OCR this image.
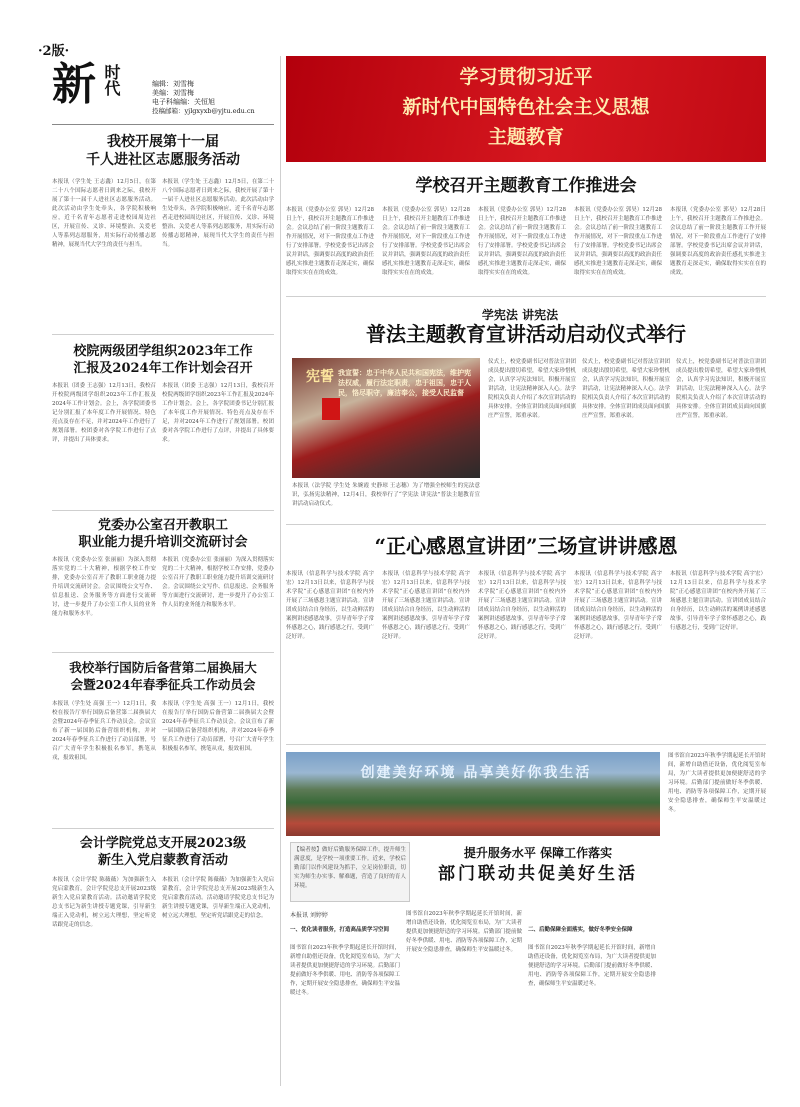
·2版·
新 时代	编辑：刘雪梅
美编：刘雪梅
电子科编编：关恒旭
投稿邮箱：yjlgxyxb@yjtu.edu.cn
我校开展第十一届
千人进社区志愿服务活动
本报讯（学生处 王志鑫）12月5日，在第二十八个国际志愿者日到来之际，我校开展了第十一届千人进社区志愿服务活动。此次活动由学生处牵头，各学院积极响应，近千名青年志愿者走进校园周边社区，开展宣传、义诊、环境整治、关爱老人等系列志愿服务，用实际行动传播志愿精神，展现当代大学生的责任与担当。
本报讯（学生处 王志鑫）12月5日，在第二十八个国际志愿者日到来之际，我校开展了第十一届千人进社区志愿服务活动。此次活动由学生处牵头，各学院积极响应，近千名青年志愿者走进校园周边社区，开展宣传、义诊、环境整治、关爱老人等系列志愿服务，用实际行动传播志愿精神，展现当代大学生的责任与担当。
校院两级团学组织2023年工作
汇报及2024年工作计划会召开
本报讯（团委 王志强）12月13日，我校召开校院两级团学组织2023年工作汇报及2024年工作计划会。会上，各学院团委书记分别汇报了本年度工作开展情况、特色亮点及存在不足，并对2024年工作进行了规划部署。校团委对各学院工作进行了点评，并提出了具体要求。
本报讯（团委 王志强）12月13日，我校召开校院两级团学组织2023年工作汇报及2024年工作计划会。会上，各学院团委书记分别汇报了本年度工作开展情况、特色亮点及存在不足，并对2024年工作进行了规划部署。校团委对各学院工作进行了点评，并提出了具体要求。
党委办公室召开教职工
职业能力提升培训交流研讨会
本报讯（党委办公室 张丽丽）为深入贯彻落实党的二十大精神，根据学校工作安排，党委办公室召开了教职工职业能力提升培训交流研讨会。会议围绕公文写作、信息报送、会务服务等方面进行交流研讨，进一步提升了办公室工作人员的业务能力和服务水平。
本报讯（党委办公室 张丽丽）为深入贯彻落实党的二十大精神，根据学校工作安排，党委办公室召开了教职工职业能力提升培训交流研讨会。会议围绕公文写作、信息报送、会务服务等方面进行交流研讨，进一步提升了办公室工作人员的业务能力和服务水平。
我校举行国防后备营第二届换届大
会暨2024年春季征兵工作动员会
本报讯（学生处 高强 王一）12月1日，我校在报告厅举行国防后备营第二届换届大会暨2024年春季征兵工作动员会。会议宣布了新一届国防后备营组织机构，并对2024年春季征兵工作进行了动员部署，号召广大青年学生积极报名参军，携笔从戎，报效祖国。
本报讯（学生处 高强 王一）12月1日，我校在报告厅举行国防后备营第二届换届大会暨2024年春季征兵工作动员会。会议宣布了新一届国防后备营组织机构，并对2024年春季征兵工作进行了动员部署，号召广大青年学生积极报名参军，携笔从戎，报效祖国。
会计学院党总支开展2023级
新生入党启蒙教育活动
本报讯（会计学院 陈薇薇）为加强新生入党启蒙教育，会计学院党总支开展2023级新生入党启蒙教育活动。活动邀请学院党总支书记为新生讲授专题党课，引导新生端正入党动机，树立远大理想，坚定听党话跟党走的信念。
本报讯（会计学院 陈薇薇）为加强新生入党启蒙教育，会计学院党总支开展2023级新生入党启蒙教育活动。活动邀请学院党总支书记为新生讲授专题党课，引导新生端正入党动机，树立远大理想，坚定听党话跟党走的信念。
学习贯彻习近平
新时代中国特色社会主义思想
主题教育
学校召开主题教育工作推进会
本报讯（党委办公室 郭昊）12月28日上午，我校召开主题教育工作推进会。会议总结了前一阶段主题教育工作开展情况，对下一阶段重点工作进行了安排部署。学校党委书记出席会议并讲话，强调要以高度的政治责任感扎实推进主题教育走深走实，确保取得实实在在的成效。
本报讯（党委办公室 郭昊）12月28日上午，我校召开主题教育工作推进会。会议总结了前一阶段主题教育工作开展情况，对下一阶段重点工作进行了安排部署。学校党委书记出席会议并讲话，强调要以高度的政治责任感扎实推进主题教育走深走实，确保取得实实在在的成效。
本报讯（党委办公室 郭昊）12月28日上午，我校召开主题教育工作推进会。会议总结了前一阶段主题教育工作开展情况，对下一阶段重点工作进行了安排部署。学校党委书记出席会议并讲话，强调要以高度的政治责任感扎实推进主题教育走深走实，确保取得实实在在的成效。
本报讯（党委办公室 郭昊）12月28日上午，我校召开主题教育工作推进会。会议总结了前一阶段主题教育工作开展情况，对下一阶段重点工作进行了安排部署。学校党委书记出席会议并讲话，强调要以高度的政治责任感扎实推进主题教育走深走实，确保取得实实在在的成效。
本报讯（党委办公室 郭昊）12月28日上午，我校召开主题教育工作推进会。会议总结了前一阶段主题教育工作开展情况，对下一阶段重点工作进行了安排部署。学校党委书记出席会议并讲话，强调要以高度的政治责任感扎实推进主题教育走深走实，确保取得实实在在的成效。
学宪法 讲宪法
普法主题教育宣讲活动启动仪式举行
宪誓 我宣誓：忠于中华人民共和国宪法，维护宪法权威，履行法定职责，忠于祖国，忠于人民，恪尽职守，廉洁奉公，接受人民监督
本报讯（法学院 学生处 朱婉霞 史静琼 王志穗）为了增强全校师生的宪法意识，弘扬宪法精神，12月4日，我校举行了“学宪法 讲宪法”普法主题教育宣讲活动启动仪式。
仪式上，校党委副书记对普法宣讲团成员提出殷切希望，希望大家珍惜机会，认真学习宪法知识，积极开展宣讲活动，让宪法精神深入人心。法学院相关负责人介绍了本次宣讲活动的具体安排。全体宣讲团成员面向国旗庄严宣誓，郑重承诺。
仪式上，校党委副书记对普法宣讲团成员提出殷切希望，希望大家珍惜机会，认真学习宪法知识，积极开展宣讲活动，让宪法精神深入人心。法学院相关负责人介绍了本次宣讲活动的具体安排。全体宣讲团成员面向国旗庄严宣誓，郑重承诺。
仪式上，校党委副书记对普法宣讲团成员提出殷切希望，希望大家珍惜机会，认真学习宪法知识，积极开展宣讲活动，让宪法精神深入人心。法学院相关负责人介绍了本次宣讲活动的具体安排。全体宣讲团成员面向国旗庄严宣誓，郑重承诺。
“正心感恩宣讲团”三场宣讲讲感恩
本报讯（信息科学与技术学院 高宇宏）12月13日以来，信息科学与技术学院“正心感恩宣讲团”在校内外开展了三场感恩主题宣讲活动。宣讲团成员结合自身经历，以生动鲜活的案例讲述感恩故事，引导青年学子常怀感恩之心，践行感恩之行，受到广泛好评。
本报讯（信息科学与技术学院 高宇宏）12月13日以来，信息科学与技术学院“正心感恩宣讲团”在校内外开展了三场感恩主题宣讲活动。宣讲团成员结合自身经历，以生动鲜活的案例讲述感恩故事，引导青年学子常怀感恩之心，践行感恩之行，受到广泛好评。
本报讯（信息科学与技术学院 高宇宏）12月13日以来，信息科学与技术学院“正心感恩宣讲团”在校内外开展了三场感恩主题宣讲活动。宣讲团成员结合自身经历，以生动鲜活的案例讲述感恩故事，引导青年学子常怀感恩之心，践行感恩之行，受到广泛好评。
本报讯（信息科学与技术学院 高宇宏）12月13日以来，信息科学与技术学院“正心感恩宣讲团”在校内外开展了三场感恩主题宣讲活动。宣讲团成员结合自身经历，以生动鲜活的案例讲述感恩故事，引导青年学子常怀感恩之心，践行感恩之行，受到广泛好评。
本报讯（信息科学与技术学院 高宇宏）12月13日以来，信息科学与技术学院“正心感恩宣讲团”在校内外开展了三场感恩主题宣讲活动。宣讲团成员结合自身经历，以生动鲜活的案例讲述感恩故事，引导青年学子常怀感恩之心，践行感恩之行，受到广泛好评。
创建美好环境 品享美好你我生活
【编者按】做好后勤服务保障工作，提升师生满意度，是学校一项重要工作。近来，学校后勤部门以作风建设为抓手，立足岗位职责，切实为师生办实事、解难题，营造了良好的育人环境。
提升服务水平 保障工作落实
部门联动共促美好生活
本报讯 刘婷婷
一、优化读者服务，打造高品质学习空间
图书馆自2023年秋季学期起延长开馆时间，新增自助借还设备，优化阅览室布局，为广大读者提供更加便捷舒适的学习环境。后勤部门提前做好冬季供暖、用电、消防等各项保障工作，定期开展安全隐患排查，确保师生平安温暖过冬。
图书馆自2023年秋季学期起延长开馆时间，新增自助借还设备，优化阅览室布局，为广大读者提供更加便捷舒适的学习环境。后勤部门提前做好冬季供暖、用电、消防等各项保障工作，定期开展安全隐患排查，确保师生平安温暖过冬。
二、后勤保障全面落实，做好冬季安全保障
图书馆自2023年秋季学期起延长开馆时间，新增自助借还设备，优化阅览室布局，为广大读者提供更加便捷舒适的学习环境。后勤部门提前做好冬季供暖、用电、消防等各项保障工作，定期开展安全隐患排查，确保师生平安温暖过冬。
图书馆自2023年秋季学期起延长开馆时间，新增自助借还设备，优化阅览室布局，为广大读者提供更加便捷舒适的学习环境。后勤部门提前做好冬季供暖、用电、消防等各项保障工作，定期开展安全隐患排查，确保师生平安温暖过冬。
